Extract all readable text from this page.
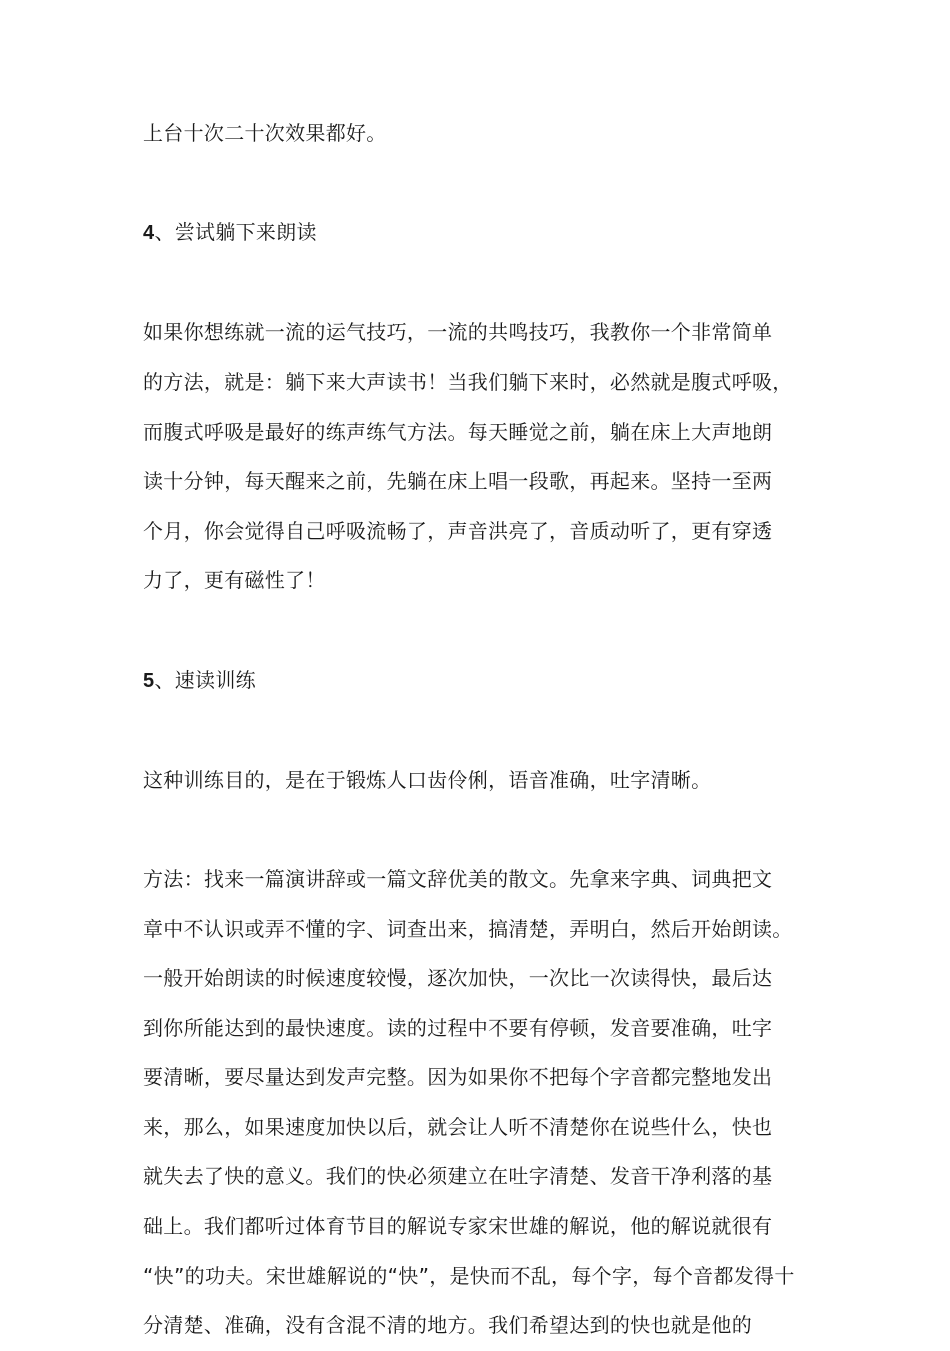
上台十次二十次效果都好。

4、尝试躺下来朗读

如果你想练就一流的运气技巧，一流的共鸣技巧，我教你一个非常简单
的方法，就是：躺下来大声读书！当我们躺下来时，必然就是腹式呼吸，
而腹式呼吸是最好的练声练气方法。每天睡觉之前，躺在床上大声地朗
读十分钟，每天醒来之前，先躺在床上唱一段歌，再起来。坚持一至两
个月，你会觉得自己呼吸流畅了，声音洪亮了，音质动听了，更有穿透
力了，更有磁性了！

5、速读训练

这种训练目的，是在于锻炼人口齿伶俐，语音准确，吐字清晰。

方法：找来一篇演讲辞或一篇文辞优美的散文。先拿来字典、词典把文
章中不认识或弄不懂的字、词查出来，搞清楚，弄明白，然后开始朗读。
一般开始朗读的时候速度较慢，逐次加快，一次比一次读得快，最后达
到你所能达到的最快速度。读的过程中不要有停顿，发音要准确，吐字
要清晰，要尽量达到发声完整。因为如果你不把每个字音都完整地发出
来，那么，如果速度加快以后，就会让人听不清楚你在说些什么，快也
就失去了快的意义。我们的快必须建立在吐字清楚、发音干净利落的基
础上。我们都听过体育节目的解说专家宋世雄的解说，他的解说就很有
“快”的功夫。宋世雄解说的“快”，是快而不乱，每个字，每个音都发得十
分清楚、准确，没有含混不清的地方。我们希望达到的快也就是他的
